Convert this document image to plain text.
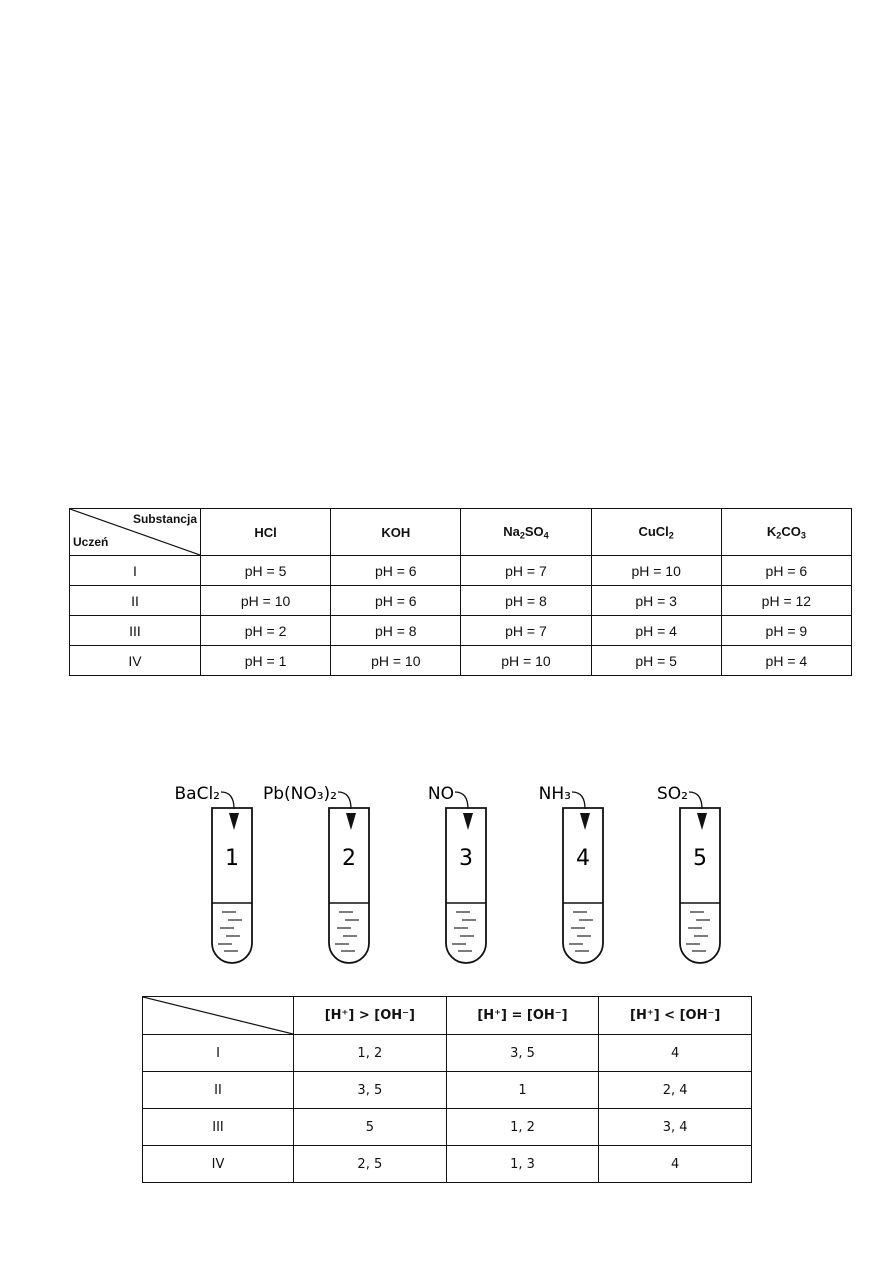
Substancja
Uczeń	HCl	KOH	$Na_2SO_4$	CuCl$_2$	$K_2CO_3$
I	pH = 5	pH = 6	pH = 7	pH = 10	pH = 6
II	pH = 10	pH = 6	pH = 8	pH = 3	pH = 12
III	pH = 2	pH = 8	pH = 7	pH = 4	pH = 9
IV	pH = 1	pH = 10	pH = 10	pH = 5	pH = 4
1
BaCl₂
2
Pb(NO₃)₂
3
NO
4
NH₃
5
SO₂
	[H⁺] > [OH⁻]	[H⁺] = [OH⁻]	[H⁺] < [OH⁻]
I	1, 2	3, 5	4
II	3, 5	1	2, 4
III	5	1, 2	3, 4
IV	2, 5	1, 3	4
